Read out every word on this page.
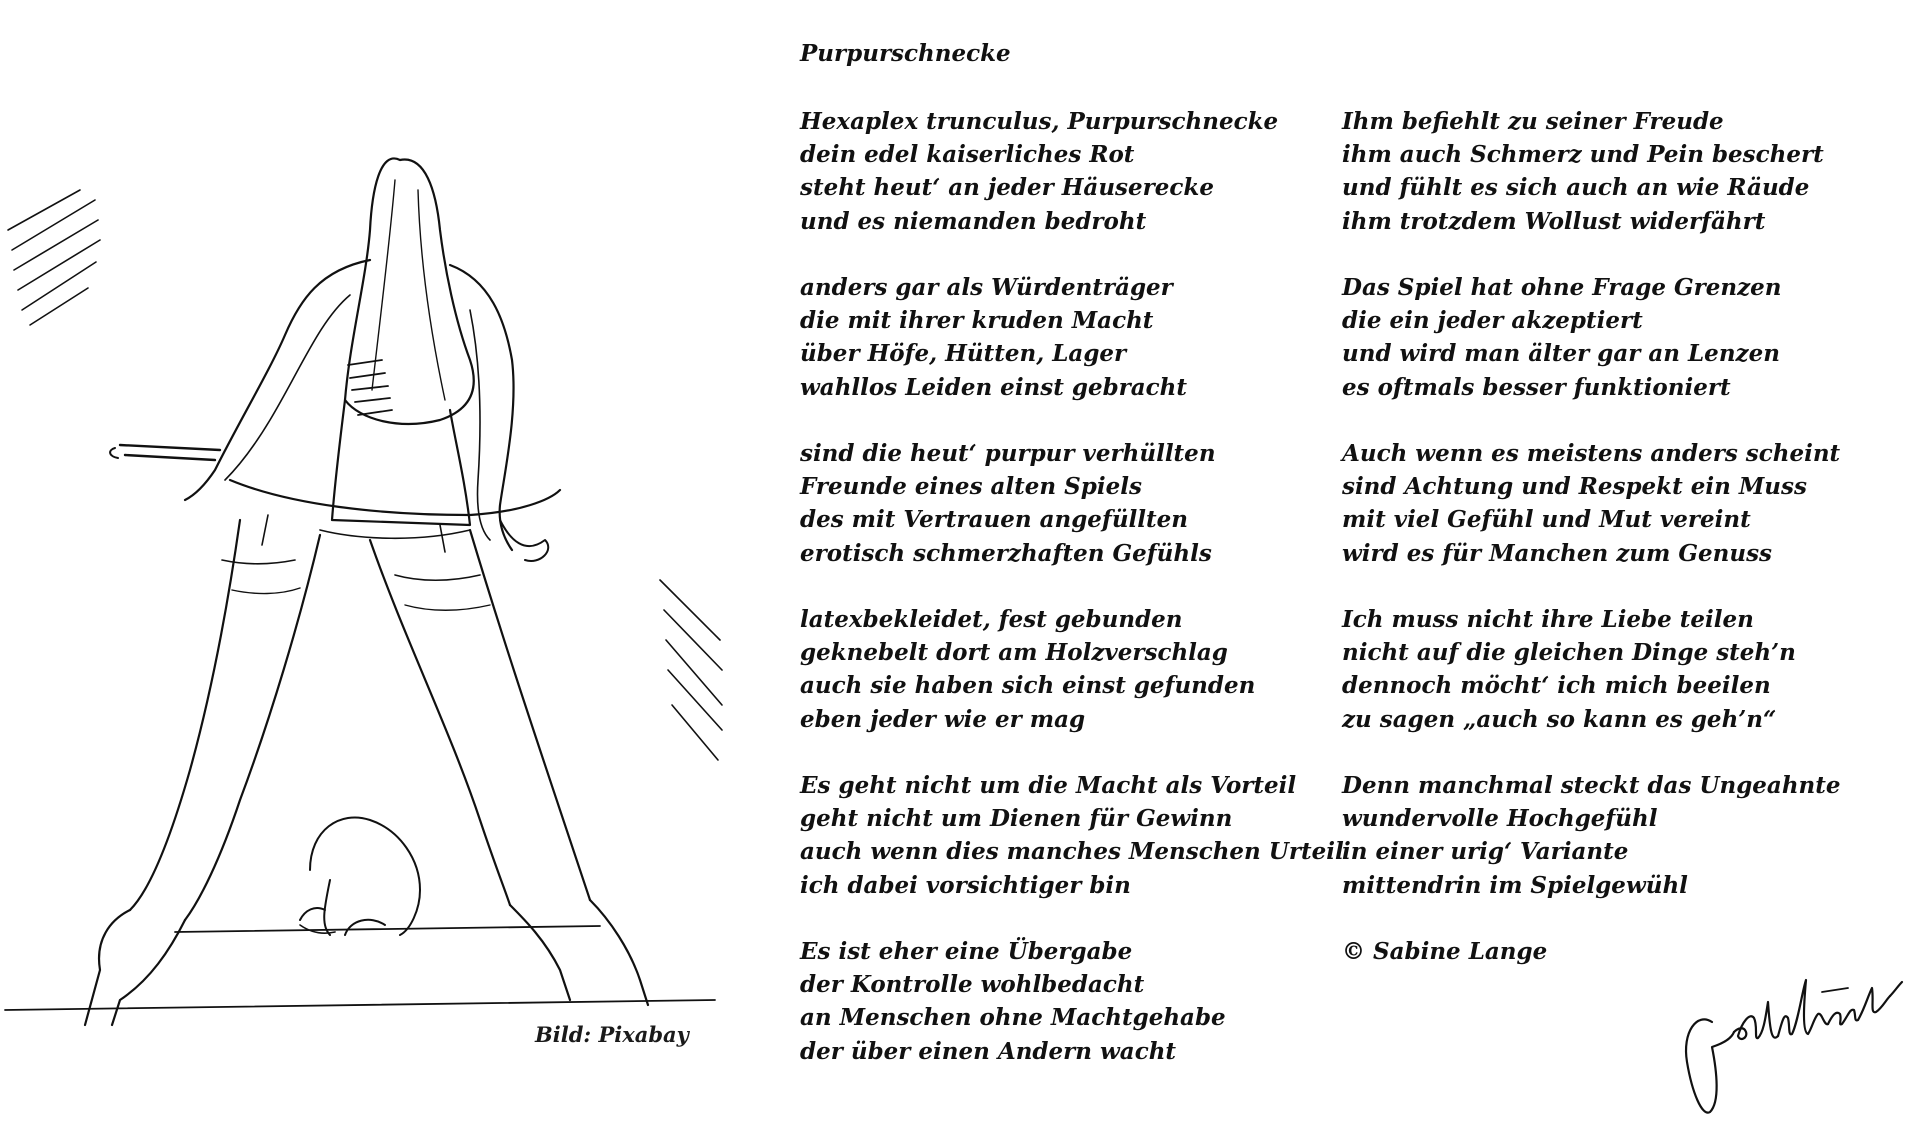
Bild: Pixabay
Purpurschnecke
Hexaplex trunculus, Purpurschnecke
dein edel kaiserliches Rot
steht heut‘ an jeder Häuserecke
und es niemanden bedroht
anders gar als Würdenträger
die mit ihrer kruden Macht
über Höfe, Hütten, Lager
wahllos Leiden einst gebracht
sind die heut‘ purpur verhüllten
Freunde eines alten Spiels
des mit Vertrauen angefüllten
erotisch schmerzhaften Gefühls
latexbekleidet, fest gebunden
geknebelt dort am Holzverschlag
auch sie haben sich einst gefunden
eben jeder wie er mag
Es geht nicht um die Macht als Vorteil
geht nicht um Dienen für Gewinn
auch wenn dies manches Menschen Urteil
ich dabei vorsichtiger bin
Es ist eher eine Übergabe
der Kontrolle wohlbedacht
an Menschen ohne Machtgehabe
der über einen Andern wacht
Ihm befiehlt zu seiner Freude
ihm auch Schmerz und Pein beschert
und fühlt es sich auch an wie Räude
ihm trotzdem Wollust widerfährt
Das Spiel hat ohne Frage Grenzen
die ein jeder akzeptiert
und wird man älter gar an Lenzen
es oftmals besser funktioniert
Auch wenn es meistens anders scheint
sind Achtung und Respekt ein Muss
mit viel Gefühl und Mut vereint
wird es für Manchen zum Genuss
Ich muss nicht ihre Liebe teilen
nicht auf die gleichen Dinge steh’n
dennoch möcht‘ ich mich beeilen
zu sagen „auch so kann es geh’n“
Denn manchmal steckt das Ungeahnte
wundervolle Hochgefühl
in einer urig‘ Variante
mittendrin im Spielgewühl
© Sabine Lange
